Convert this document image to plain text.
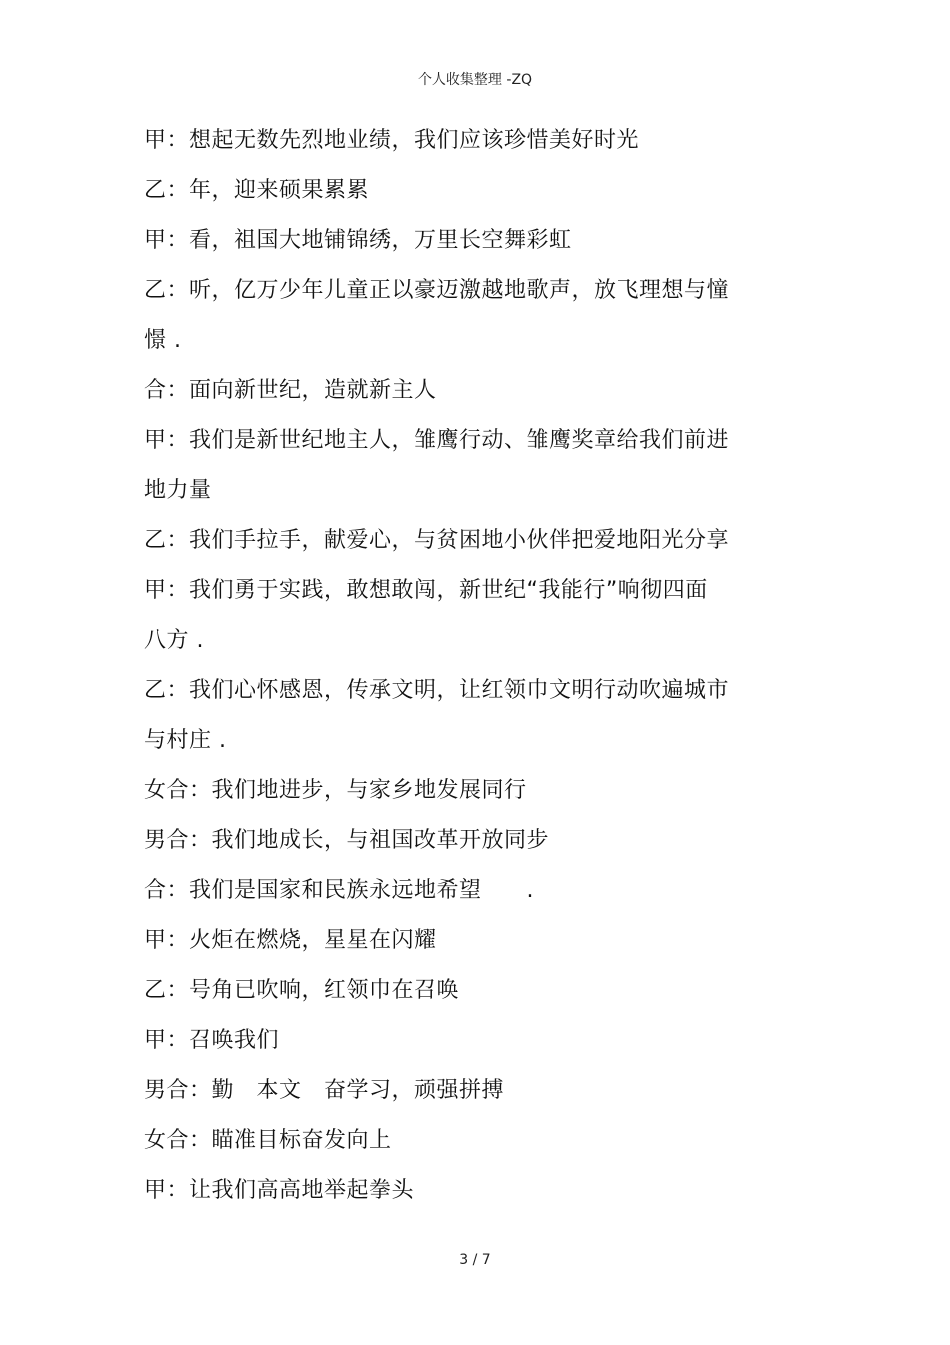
个人收集整理 -ZQ
甲：想起无数先烈地业绩，我们应该珍惜美好时光
乙：年，迎来硕果累累
甲：看，祖国大地铺锦绣，万里长空舞彩虹
乙：听，亿万少年儿童正以豪迈激越地歌声，放飞理想与憧
憬 .
合：面向新世纪，造就新主人
甲：我们是新世纪地主人，雏鹰行动、雏鹰奖章给我们前进
地力量
乙：我们手拉手，献爱心，与贫困地小伙伴把爱地阳光分享
甲：我们勇于实践，敢想敢闯，新世纪“我能行”响彻四面
八方 .
乙：我们心怀感恩，传承文明，让红领巾文明行动吹遍城市
与村庄 .
女合：我们地进步，与家乡地发展同行
男合：我们地成长，与祖国改革开放同步
合：我们是国家和民族永远地希望      .
甲：火炬在燃烧，星星在闪耀
乙：号角已吹响，红领巾在召唤
甲：召唤我们
男合：勤   本文   奋学习，顽强拼搏
女合：瞄准目标奋发向上
甲：让我们高高地举起拳头
3 / 7
